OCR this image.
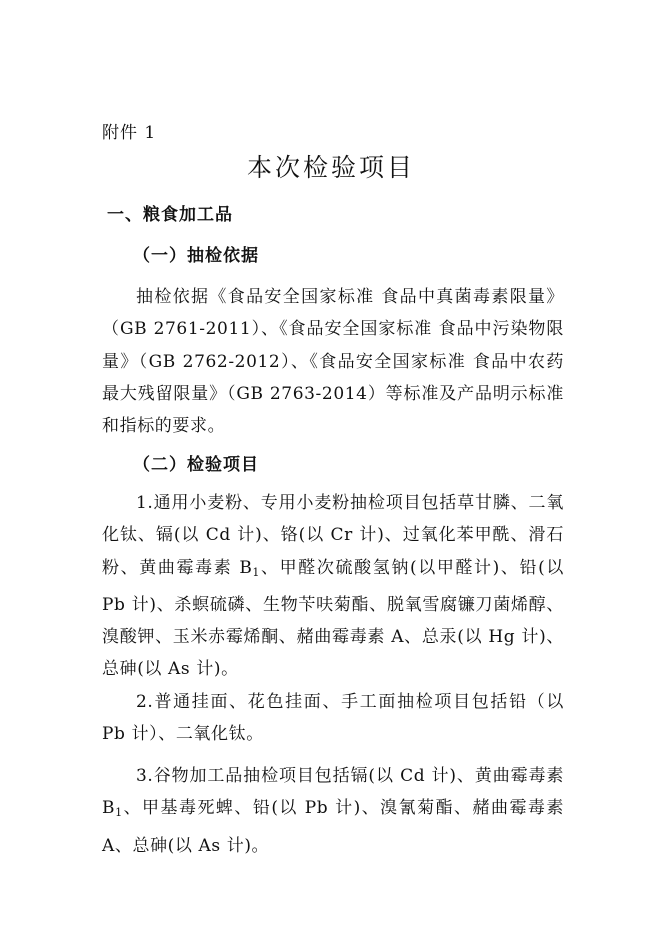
附件 1
本次检验项目
一、粮食加工品
（一）抽检依据

抽检依据《食品安全国家标准 食品中真菌毒素限量》（GB 2761-2011）、《食品安全国家标准 食品中污染物限量》（GB 2762-2012）、《食品安全国家标准 食品中农药最大残留限量》（GB 2763-2014）等标准及产品明示标准和指标的要求。

（二）检验项目

1.通用小麦粉、专用小麦粉抽检项目包括草甘膦、二氧化钛、镉(以 Cd 计)、铬(以 Cr 计)、过氧化苯甲酰、滑石粉、黄曲霉毒素 $B_1$、甲醛次硫酸氢钠(以甲醛计)、铅(以 Pb 计)、杀螟硫磷、生物苄呋菊酯、脱氧雪腐镰刀菌烯醇、溴酸钾、玉米赤霉烯酮、赭曲霉毒素 A、总汞(以 Hg 计)、总砷(以 As 计)。

2.普通挂面、花色挂面、手工面抽检项目包括铅（以 Pb 计）、二氧化钛。

3.谷物加工品抽检项目包括镉(以 Cd 计)、黄曲霉毒素 $B_1$、甲基毒死蜱、铅(以 Pb 计)、溴氰菊酯、赭曲霉毒素 A、总砷(以 As 计)。
